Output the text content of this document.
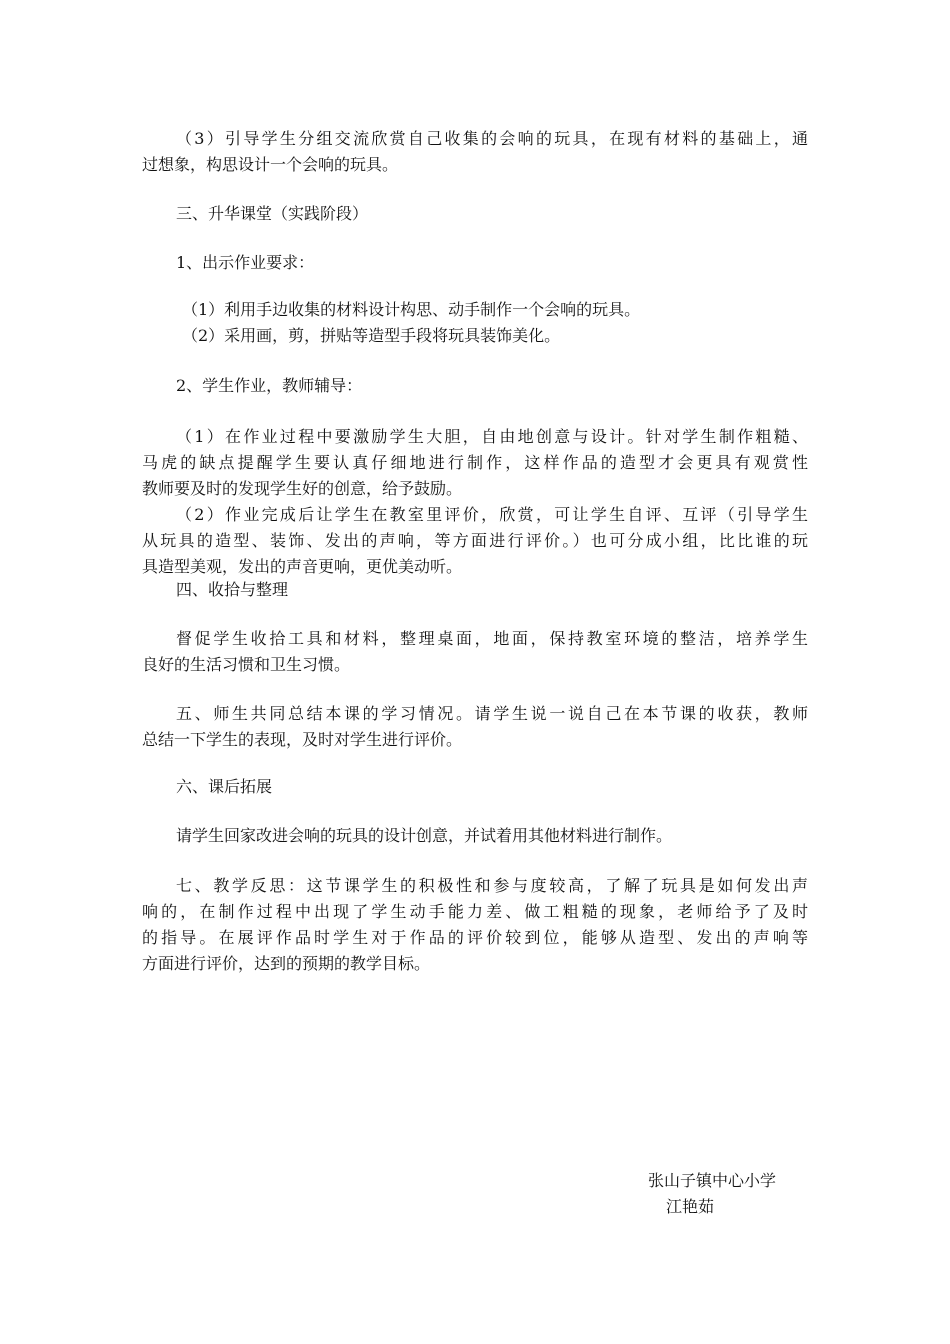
（3）引导学生分组交流欣赏自己收集的会响的玩具，在现有材料的基础上，通
过想象，构思设计一个会响的玩具。
三、升华课堂（实践阶段）
1、出示作业要求：
（1）利用手边收集的材料设计构思、动手制作一个会响的玩具。
（2）采用画，剪，拼贴等造型手段将玩具装饰美化。
2、学生作业，教师辅导：
（1）在作业过程中要激励学生大胆，自由地创意与设计。针对学生制作粗糙、
马虎的缺点提醒学生要认真仔细地进行制作，这样作品的造型才会更具有观赏性
教师要及时的发现学生好的创意，给予鼓励。
（2）作业完成后让学生在教室里评价，欣赏，可让学生自评、互评（引导学生
从玩具的造型、装饰、发出的声响，等方面进行评价。）也可分成小组，比比谁的玩
具造型美观，发出的声音更响，更优美动听。
四、收拾与整理
督促学生收拾工具和材料，整理桌面，地面，保持教室环境的整洁，培养学生
良好的生活习惯和卫生习惯。
五、师生共同总结本课的学习情况。请学生说一说自己在本节课的收获，教师
总结一下学生的表现，及时对学生进行评价。
六、课后拓展
请学生回家改进会响的玩具的设计创意，并试着用其他材料进行制作。
七、教学反思：这节课学生的积极性和参与度较高，了解了玩具是如何发出声
响的，在制作过程中出现了学生动手能力差、做工粗糙的现象，老师给予了及时
的指导。在展评作品时学生对于作品的评价较到位，能够从造型、发出的声响等
方面进行评价，达到的预期的教学目标。
张山子镇中心小学
江艳茹
